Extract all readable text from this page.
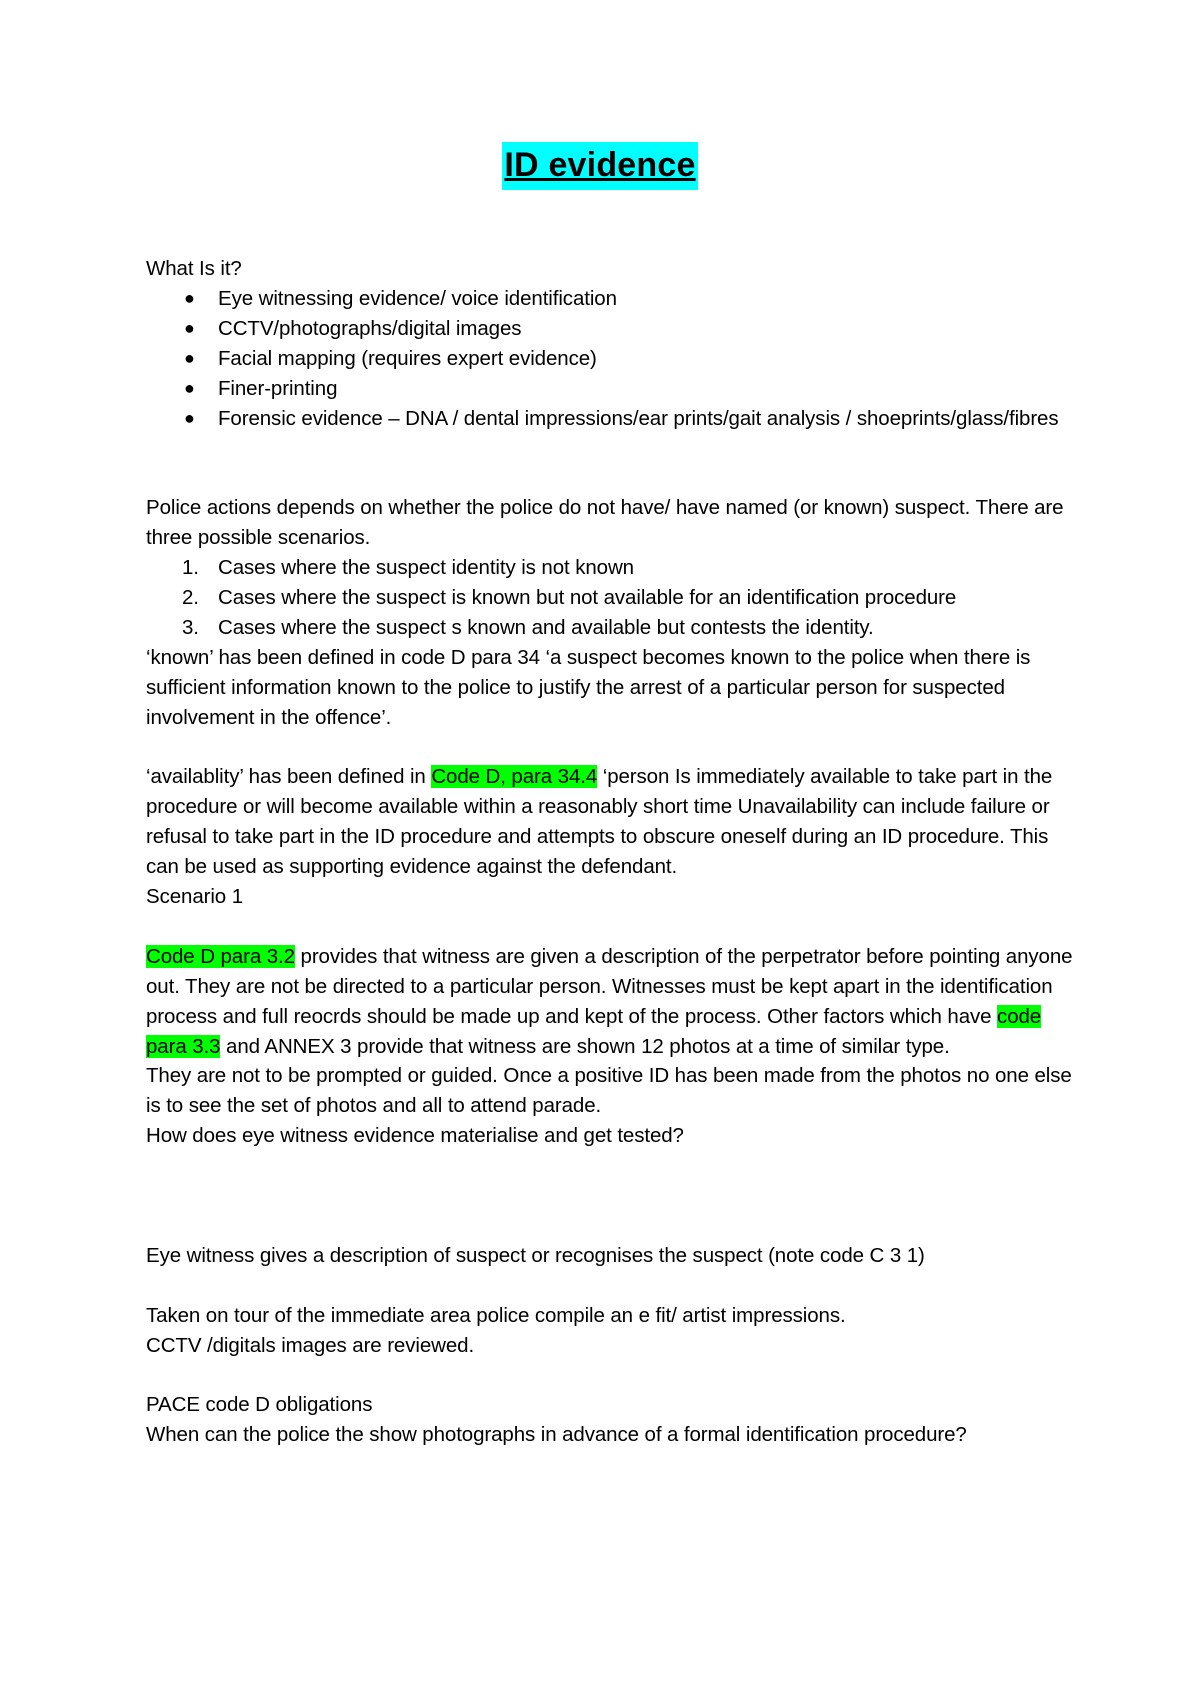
ID evidence

What Is it?

● Eye witnessing evidence/ voice identification
● CCTV/photographs/digital images
● Facial mapping (requires expert evidence)
● Finer-printing
● Forensic evidence – DNA / dental impressions/ear prints/gait analysis / shoeprints/glass/fibres

Police actions depends on whether the police do not have/ have named (or known) suspect. There are three possible scenarios.

1. Cases where the suspect identity is not known
2. Cases where the suspect is known but not available for an identification procedure
3. Cases where the suspect s known and available but contests the identity.

‘known’ has been defined in code D para 34 ‘a suspect becomes known to the police when there is sufficient information known to the police to justify the arrest of a particular person for suspected involvement in the offence’.

‘availablity’ has been defined in Code D, para 34.4 ‘person Is immediately available to take part in the procedure or will become available within a reasonably short time Unavailability can include failure or refusal to take part in the ID procedure and attempts to obscure oneself during an ID procedure. This can be used as supporting evidence against the defendant.

Scenario 1

Code D para 3.2 provides that witness are given a description of the perpetrator before pointing anyone out. They are not be directed to a particular person. Witnesses must be kept apart in the identification process and full reocrds should be made up and kept of the process. Other factors which have code para 3.3 and ANNEX 3 provide that witness are shown 12 photos at a time of similar type.

They are not to be prompted or guided. Once a positive ID has been made from the photos no one else is to see the set of photos and all to attend parade.

How does eye witness evidence materialise and get tested?

Eye witness gives a description of suspect or recognises the suspect (note code C 3 1)

Taken on tour of the immediate area police compile an e fit/ artist impressions.

CCTV /digitals images are reviewed.

PACE code D obligations

When can the police the show photographs in advance of a formal identification procedure?
